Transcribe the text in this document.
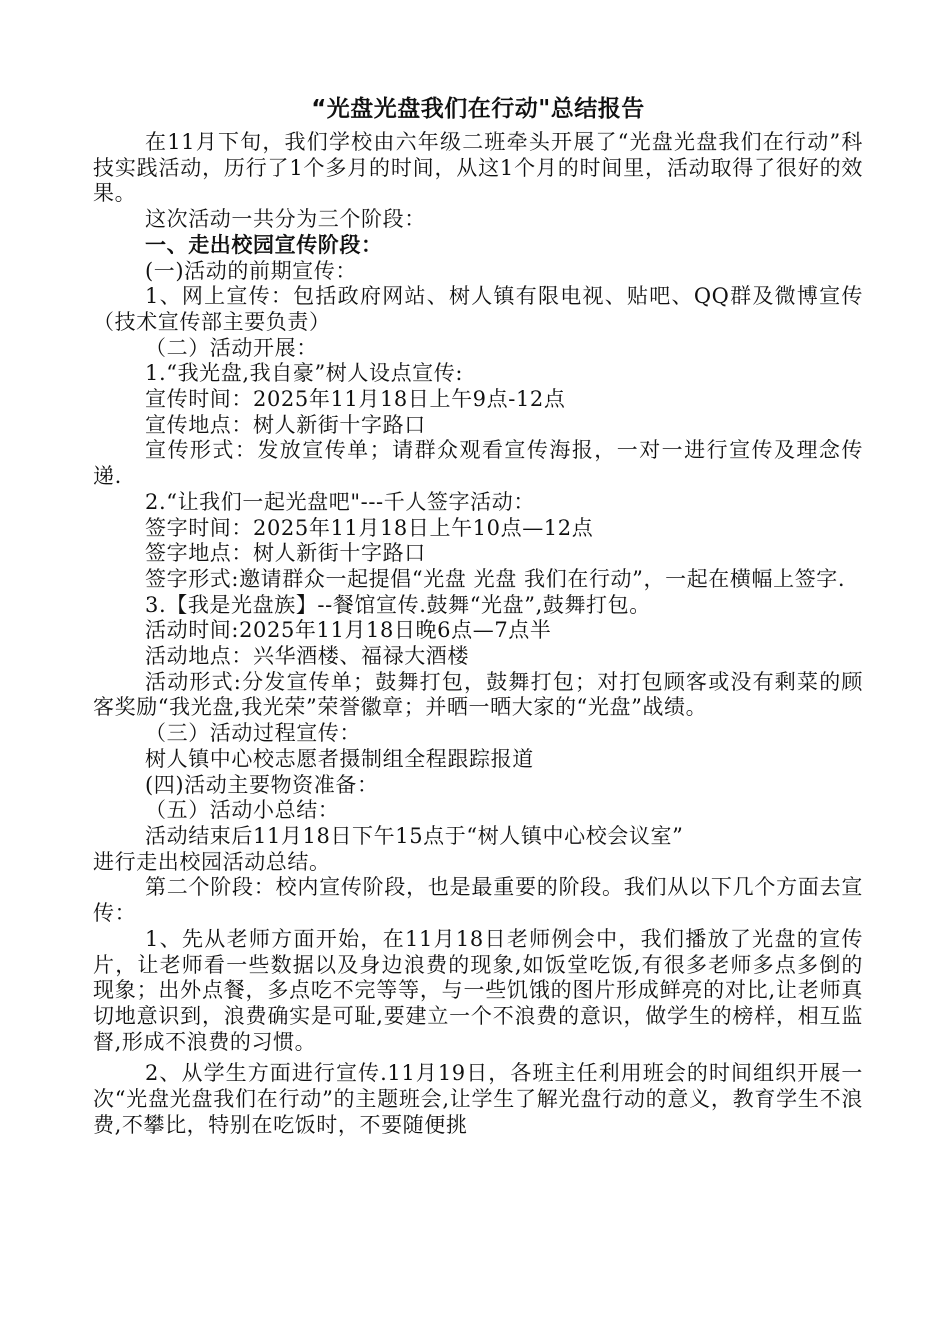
“光盘光盘我们在行动"总结报告

在11月下旬，我们学校由六年级二班牵头开展了“光盘光盘我们在行动”科技实践活动，历行了1个多月的时间，从这1个月的时间里，活动取得了很好的效果。

这次活动一共分为三个阶段：

一、走出校园宣传阶段：

(一)活动的前期宣传：

1、网上宣传：包括政府网站、树人镇有限电视、贴吧、QQ群及微博宣传（技术宣传部主要负责）

（二）活动开展：

1.“我光盘,我自豪”树人设点宣传:

宣传时间：2025年11月18日上午9点-12点

宣传地点：树人新街十字路口

宣传形式：发放宣传单；请群众观看宣传海报，一对一进行宣传及理念传递.

2.“让我们一起光盘吧"---千人签字活动：

签字时间：2025年11月18日上午10点—12点

签字地点：树人新街十字路口

签字形式:邀请群众一起提倡“光盘 光盘 我们在行动”，一起在横幅上签字.

3.【我是光盘族】--餐馆宣传.鼓舞“光盘”,鼓舞打包。

活动时间:2025年11月18日晚6点—7点半

活动地点：兴华酒楼、福禄大酒楼

活动形式:分发宣传单；鼓舞打包，鼓舞打包；对打包顾客或没有剩菜的顾客奖励“我光盘,我光荣”荣誉徽章；并晒一晒大家的“光盘”战绩。

（三）活动过程宣传：

树人镇中心校志愿者摄制组全程跟踪报道

(四)活动主要物资准备：

（五）活动小总结：

活动结束后11月18日下午15点于“树人镇中心校会议室”

进行走出校园活动总结。

第二个阶段：校内宣传阶段，也是最重要的阶段。我们从以下几个方面去宣传：

1、先从老师方面开始，在11月18日老师例会中，我们播放了光盘的宣传片，让老师看一些数据以及身边浪费的现象,如饭堂吃饭,有很多老师多点多倒的现象；出外点餐，多点吃不完等等，与一些饥饿的图片形成鲜亮的对比,让老师真切地意识到，浪费确实是可耻,要建立一个不浪费的意识，做学生的榜样，相互监督,形成不浪费的习惯。

2、从学生方面进行宣传.11月19日，各班主任利用班会的时间组织开展一次“光盘光盘我们在行动”的主题班会,让学生了解光盘行动的意义，教育学生不浪费,不攀比，特别在吃饭时，不要随便挑
